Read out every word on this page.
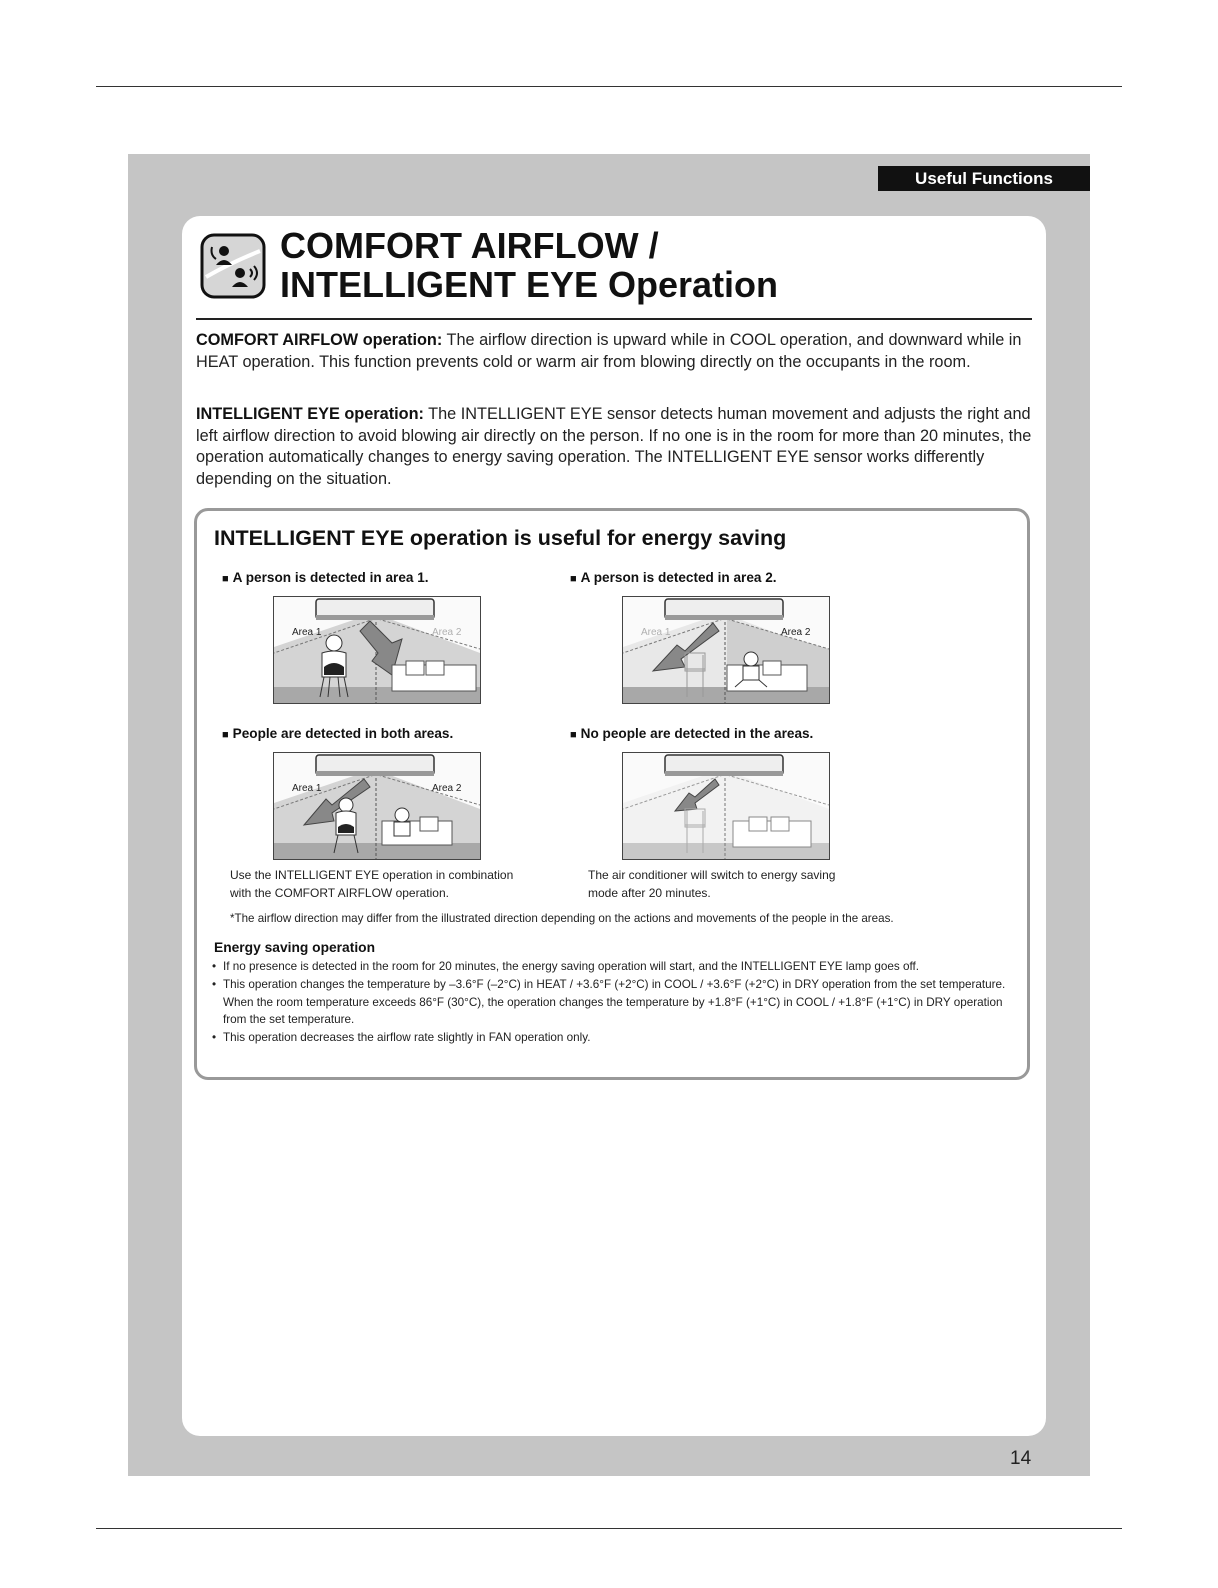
Useful Functions
COMFORT AIRFLOW /
INTELLIGENT EYE Operation
COMFORT AIRFLOW operation: The airflow direction is upward while in COOL operation, and downward while in HEAT operation. This function prevents cold or warm air from blowing directly on the occupants in the room.
INTELLIGENT EYE operation: The INTELLIGENT EYE sensor detects human movement and adjusts the right and left airflow direction to avoid blowing air directly on the person. If no one is in the room for more than 20 minutes, the operation automatically changes to energy saving operation. The INTELLIGENT EYE sensor works differently depending on the situation.
INTELLIGENT EYE operation is useful for energy saving
■ A person is detected in area 1.	■ A person is detected in area 2.
■ People are detected in both areas.	■ No people are detected in the areas.
Area 1	Area 2	Area 1	Area 2
Area 1	Area 2
Use the INTELLIGENT EYE operation in combination
with the COMFORT AIRFLOW operation.
The air conditioner will switch to energy saving
mode after 20 minutes.
*The airflow direction may differ from the illustrated direction depending on the actions and movements of the people in the areas.
Energy saving operation
• If no presence is detected in the room for 20 minutes, the energy saving operation will start, and the INTELLIGENT EYE lamp goes off.
• This operation changes the temperature by –3.6°F (–2°C) in HEAT / +3.6°F (+2°C) in COOL / +3.6°F (+2°C) in DRY operation from the set temperature.
When the room temperature exceeds 86°F (30°C), the operation changes the temperature by +1.8°F (+1°C) in COOL / +1.8°F (+1°C) in DRY operation from the set temperature.
• This operation decreases the airflow rate slightly in FAN operation only.
14
